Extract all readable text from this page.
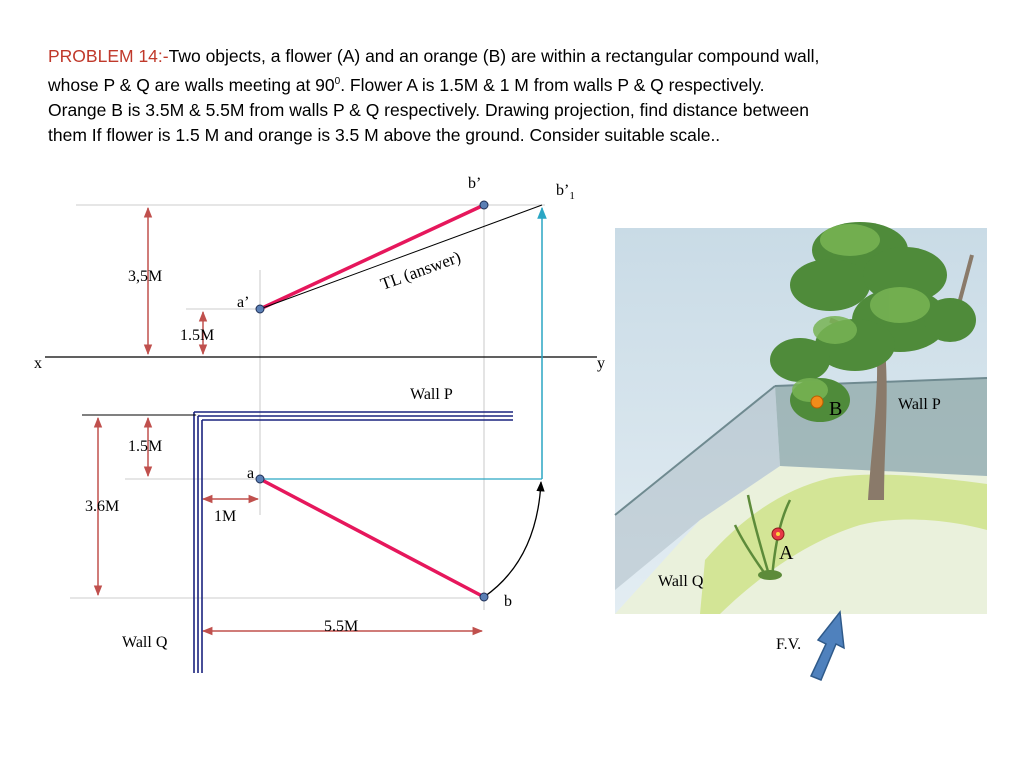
PROBLEM 14:-Two objects, a flower (A) and an orange (B) are within a rectangular compound wall,
whose P & Q are walls meeting at $90^0$. Flower A is 1.5M & 1 M from walls P & Q respectively.
Orange B is 3.5M & 5.5M from walls P & Q respectively. Drawing projection, find distance between
them If flower is 1.5 M and orange is 3.5 M above the ground. Consider suitable scale..

x	y
TL (answer)
b’	$b’_1$
a’
a
b
3,5M
1.5M
1.5M
3.6M
1M
5.5M
Wall P
Wall Q
B
A
Wall P
Wall Q
F.V.
